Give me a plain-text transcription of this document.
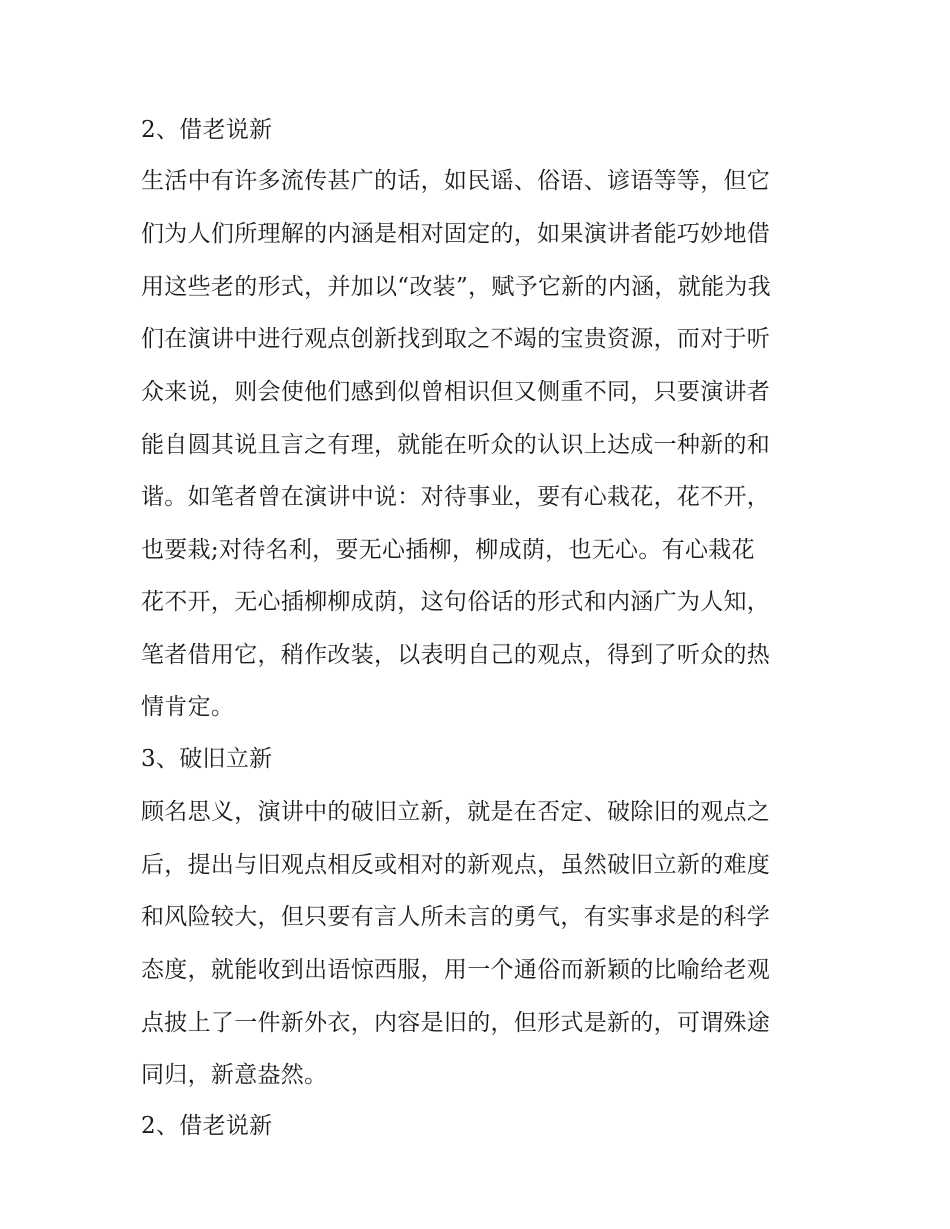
2、借老说新
生活中有许多流传甚广的话，如民谣、俗语、谚语等等，但它
们为人们所理解的内涵是相对固定的，如果演讲者能巧妙地借
用这些老的形式，并加以“改装”，赋予它新的内涵，就能为我
们在演讲中进行观点创新找到取之不竭的宝贵资源，而对于听
众来说，则会使他们感到似曾相识但又侧重不同，只要演讲者
能自圆其说且言之有理，就能在听众的认识上达成一种新的和
谐。如笔者曾在演讲中说：对待事业，要有心栽花，花不开，
也要栽;对待名利，要无心插柳，柳成荫，也无心。有心栽花
花不开，无心插柳柳成荫，这句俗话的形式和内涵广为人知，
笔者借用它，稍作改装，以表明自己的观点，得到了听众的热
情肯定。
3、破旧立新
顾名思义，演讲中的破旧立新，就是在否定、破除旧的观点之
后，提出与旧观点相反或相对的新观点，虽然破旧立新的难度
和风险较大，但只要有言人所未言的勇气，有实事求是的科学
态度，就能收到出语惊西服，用一个通俗而新颖的比喻给老观
点披上了一件新外衣，内容是旧的，但形式是新的，可谓殊途
同归，新意盎然。
2、借老说新
